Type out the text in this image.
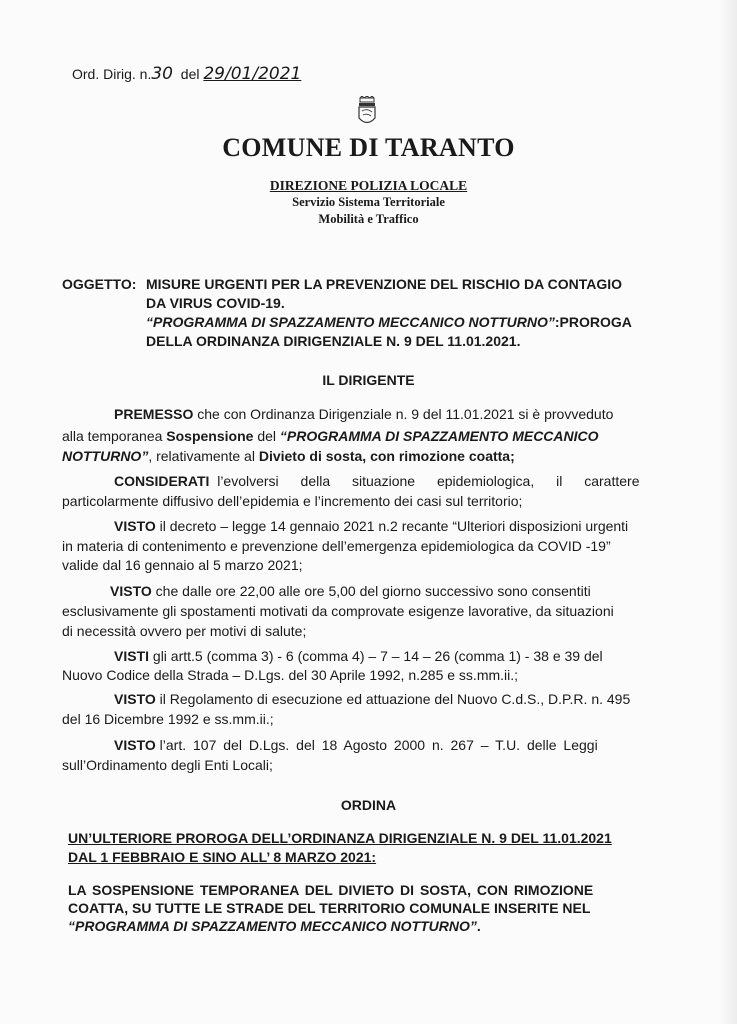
Ord. Dirig. n.30 del 29/01/2021
COMUNE DI TARANTO
DIREZIONE POLIZIA LOCALE
Servizio Sistema Territoriale
Mobilità e Traffico
OGGETTO: MISURE URGENTI PER LA PREVENZIONE DEL RISCHIO DA CONTAGIO
DA VIRUS COVID-19.
“PROGRAMMA DI SPAZZAMENTO MECCANICO NOTTURNO”:PROROGA
DELLA ORDINANZA DIRIGENZIALE N. 9 DEL 11.01.2021.
IL DIRIGENTE
PREMESSO che con Ordinanza Dirigenziale n. 9 del 11.01.2021 si è provveduto
alla temporanea Sospensione del “PROGRAMMA DI SPAZZAMENTO MECCANICO
NOTTURNO”, relativamente al Divieto di sosta, con rimozione coatta;
CONSIDERATI l’evolversi della situazione epidemiologica, il carattere
particolarmente diffusivo dell’epidemia e l’incremento dei casi sul territorio;
VISTO il decreto – legge 14 gennaio 2021 n.2 recante “Ulteriori disposizioni urgenti
in materia di contenimento e prevenzione dell’emergenza epidemiologica da COVID -19”
valide dal 16 gennaio al 5 marzo 2021;
VISTO che dalle ore 22,00 alle ore 5,00 del giorno successivo sono consentiti
esclusivamente gli spostamenti motivati da comprovate esigenze lavorative, da situazioni
di necessità ovvero per motivi di salute;
VISTI gli artt.5 (comma 3) - 6 (comma 4) – 7 – 14 – 26 (comma 1) - 38 e 39 del
Nuovo Codice della Strada – D.Lgs. del 30 Aprile 1992, n.285 e ss.mm.ii.;
VISTO il Regolamento di esecuzione ed attuazione del Nuovo C.d.S., D.P.R. n. 495
del 16 Dicembre 1992 e ss.mm.ii.;
VISTO l’art. 107 del D.Lgs. del 18 Agosto 2000 n. 267 – T.U. delle Leggi
sull’Ordinamento degli Enti Locali;
ORDINA
UN’ULTERIORE PROROGA DELL’ORDINANZA DIRIGENZIALE N. 9 DEL 11.01.2021
DAL 1 FEBBRAIO E SINO ALL’ 8 MARZO 2021:
LA SOSPENSIONE TEMPORANEA DEL DIVIETO DI SOSTA, CON RIMOZIONE
COATTA, SU TUTTE LE STRADE DEL TERRITORIO COMUNALE INSERITE NEL
“PROGRAMMA DI SPAZZAMENTO MECCANICO NOTTURNO”.
